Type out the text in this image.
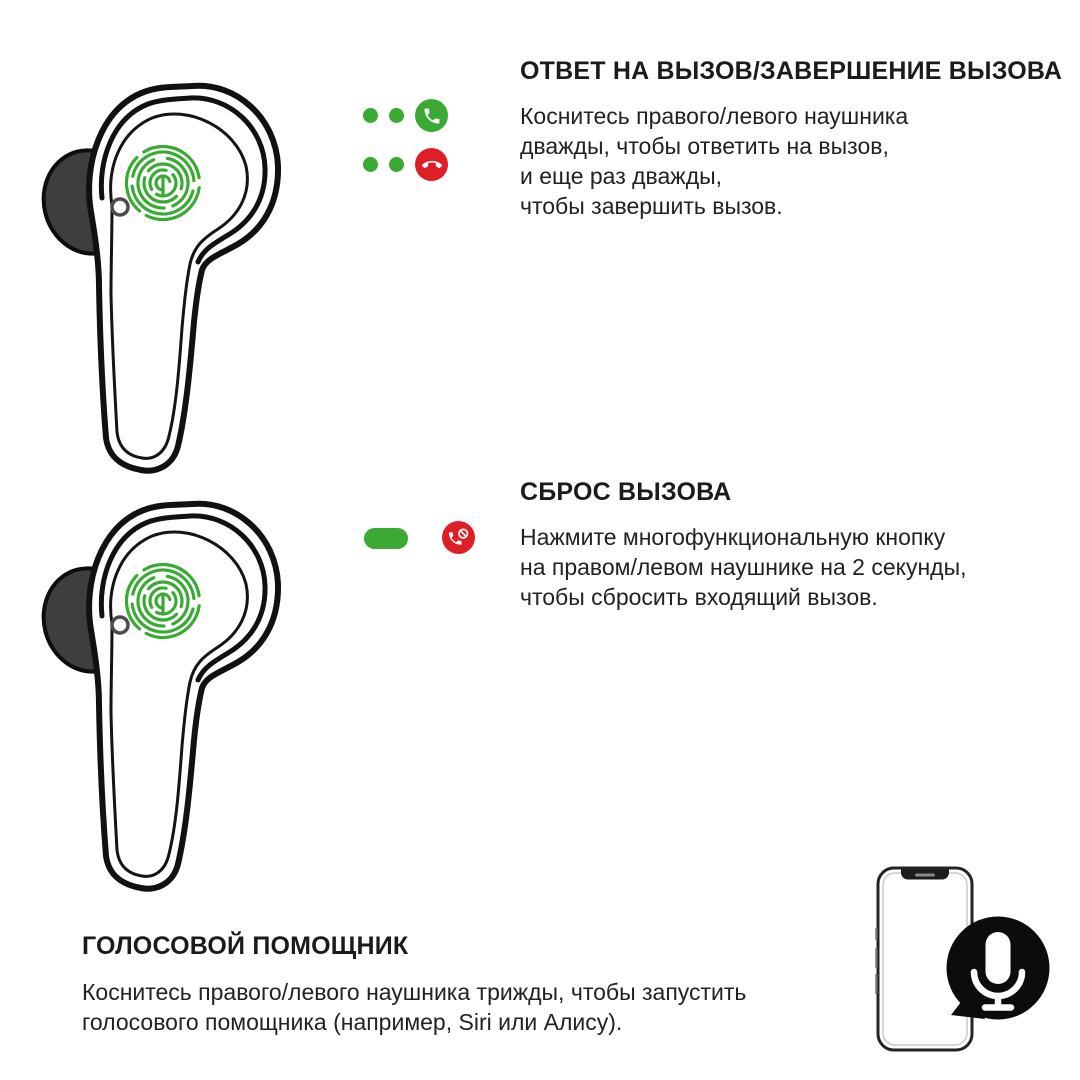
ОТВЕТ НА ВЫЗОВ/ЗАВЕРШЕНИЕ ВЫЗОВА
Коснитесь правого/левого наушника
дважды, чтобы ответить на вызов,
и еще раз дважды,
чтобы завершить вызов.
СБРОС ВЫЗОВА
Нажмите многофункциональную кнопку
на правом/левом наушнике на 2 секунды,
чтобы сбросить входящий вызов.
ГОЛОСОВОЙ ПОМОЩНИК
Коснитесь правого/левого наушника трижды, чтобы запустить
голосового помощника (например, Siri или Алису).
